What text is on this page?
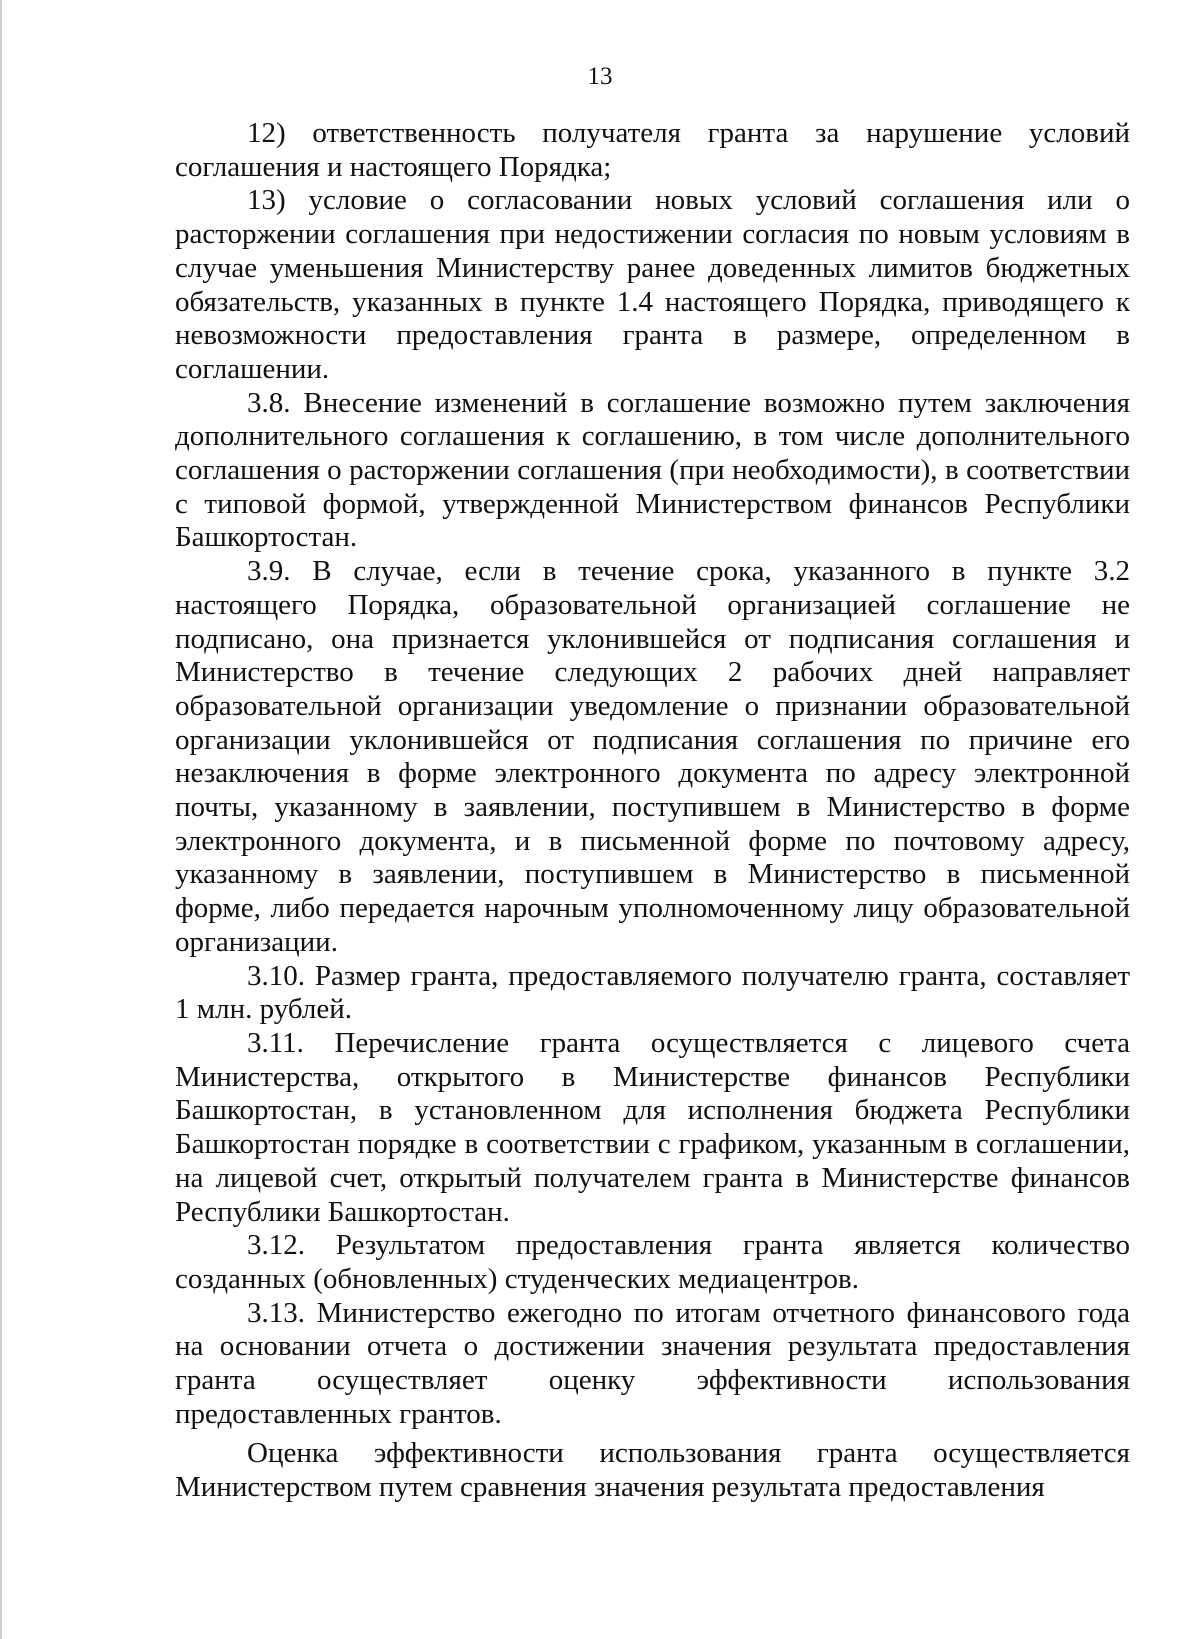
13

12) ответственность получателя гранта за нарушение условий соглашения и настоящего Порядка;

13) условие о согласовании новых условий соглашения или о расторжении соглашения при недостижении согласия по новым условиям в случае уменьшения Министерству ранее доведенных лимитов бюджетных обязательств, указанных в пункте 1.4 настоящего Порядка, приводящего к невозможности предоставления гранта в размере, определенном в соглашении.

3.8. Внесение изменений в соглашение возможно путем заключения дополнительного соглашения к соглашению, в том числе дополнительного соглашения о расторжении соглашения (при необходимости), в соответствии с типовой формой, утвержденной Министерством финансов Республики Башкортостан.

3.9. В случае, если в течение срока, указанного в пункте 3.2 настоящего Порядка, образовательной организацией соглашение не подписано, она признается уклонившейся от подписания соглашения и Министерство в течение следующих 2 рабочих дней направляет образовательной организации уведомление о признании образовательной организации уклонившейся от подписания соглашения по причине его незаключения в форме электронного документа по адресу электронной почты, указанному в заявлении, поступившем в Министерство в форме электронного документа, и в письменной форме по почтовому адресу, указанному в заявлении, поступившем в Министерство в письменной форме, либо передается нарочным уполномоченному лицу образовательной организации.

3.10. Размер гранта, предоставляемого получателю гранта, составляет 1 млн. рублей.

3.11. Перечисление гранта осуществляется с лицевого счета Министерства, открытого в Министерстве финансов Республики Башкортостан, в установленном для исполнения бюджета Республики Башкортостан порядке в соответствии с графиком, указанным в соглашении, на лицевой счет, открытый получателем гранта в Министерстве финансов Республики Башкортостан.

3.12. Результатом предоставления гранта является количество созданных (обновленных) студенческих медиацентров.

3.13. Министерство ежегодно по итогам отчетного финансового года на основании отчета о достижении значения результата предоставления гранта осуществляет оценку эффективности использования предоставленных грантов.

Оценка эффективности использования гранта осуществляется Министерством путем сравнения значения результата предоставления
